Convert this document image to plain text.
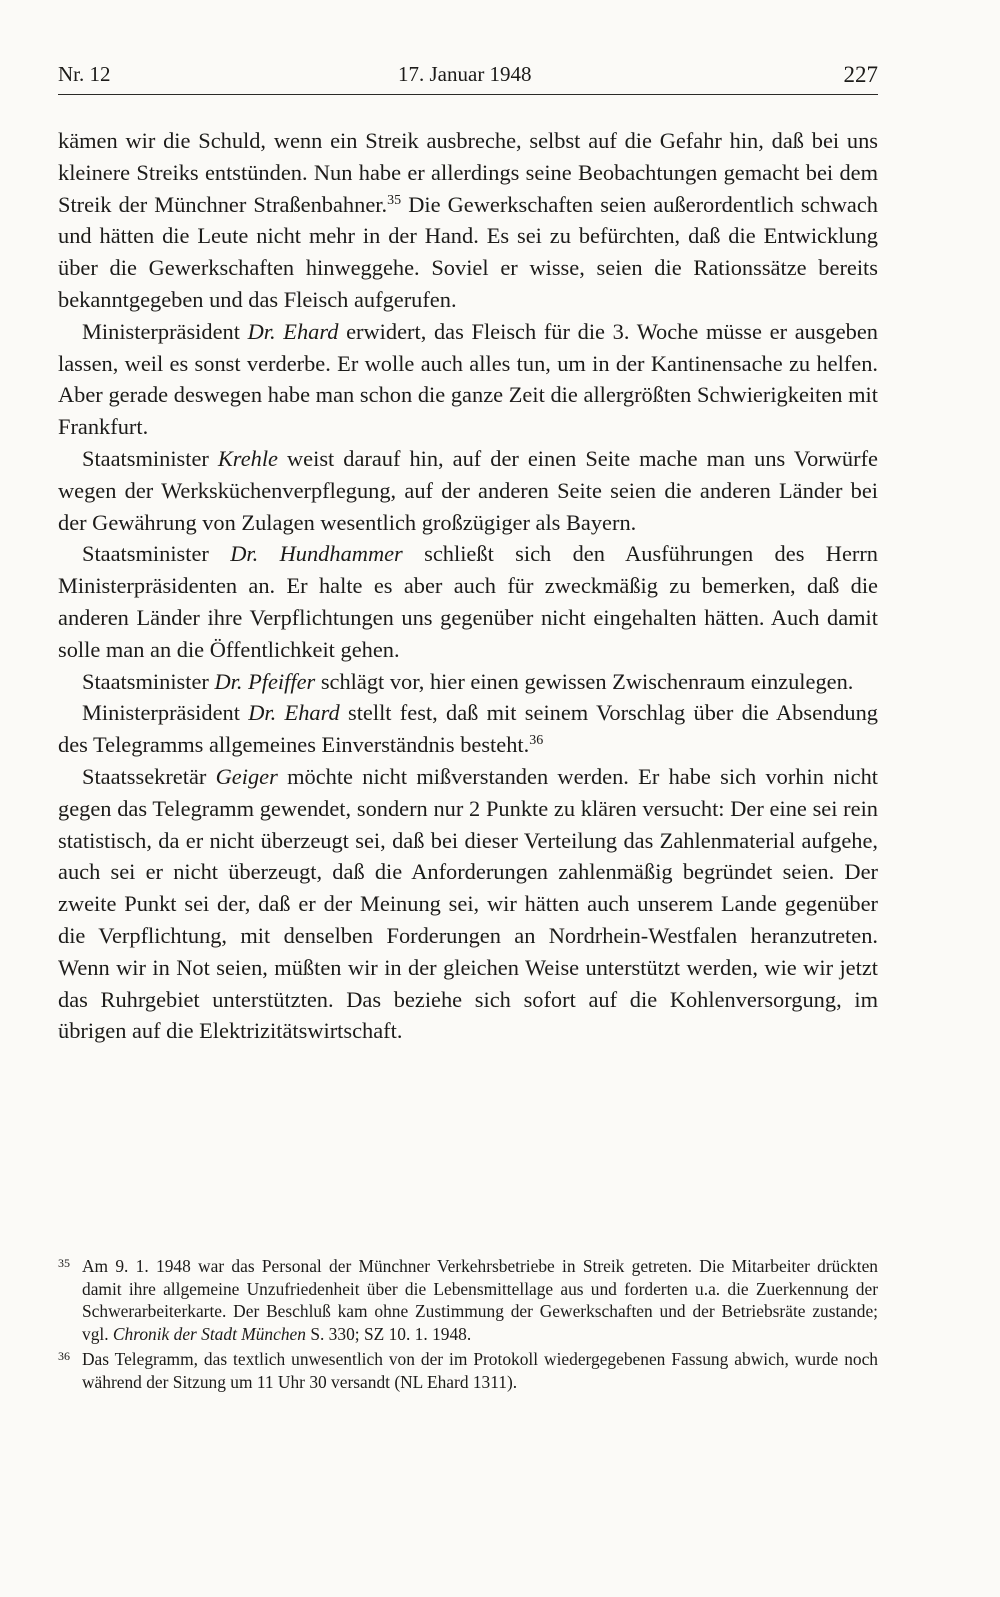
Nr. 12	17. Januar 1948	227

kämen wir die Schuld, wenn ein Streik ausbreche, selbst auf die Gefahr hin, daß bei uns kleinere Streiks entstünden. Nun habe er allerdings seine Beobachtungen gemacht bei dem Streik der Münchner Straßenbahner.$^{35}$ Die Gewerkschaften seien außerordentlich schwach und hätten die Leute nicht mehr in der Hand. Es sei zu befürchten, daß die Entwicklung über die Gewerkschaften hinweggehe. Soviel er wisse, seien die Rationssätze bereits bekanntgegeben und das Fleisch aufgerufen.

Ministerpräsident Dr. Ehard erwidert, das Fleisch für die 3. Woche müsse er ausgeben lassen, weil es sonst verderbe. Er wolle auch alles tun, um in der Kantinensache zu helfen. Aber gerade deswegen habe man schon die ganze Zeit die allergrößten Schwierigkeiten mit Frankfurt.

Staatsminister Krehle weist darauf hin, auf der einen Seite mache man uns Vorwürfe wegen der Werksküchenverpflegung, auf der anderen Seite seien die anderen Länder bei der Gewährung von Zulagen wesentlich großzügiger als Bayern.

Staatsminister Dr. Hundhammer schließt sich den Ausführungen des Herrn Ministerpräsidenten an. Er halte es aber auch für zweckmäßig zu bemerken, daß die anderen Länder ihre Verpflichtungen uns gegenüber nicht eingehalten hätten. Auch damit solle man an die Öffentlichkeit gehen.

Staatsminister Dr. Pfeiffer schlägt vor, hier einen gewissen Zwischenraum einzulegen.

Ministerpräsident Dr. Ehard stellt fest, daß mit seinem Vorschlag über die Absendung des Telegramms allgemeines Einverständnis besteht.$^{36}$

Staatssekretär Geiger möchte nicht mißverstanden werden. Er habe sich vorhin nicht gegen das Telegramm gewendet, sondern nur 2 Punkte zu klären versucht: Der eine sei rein statistisch, da er nicht überzeugt sei, daß bei dieser Verteilung das Zahlenmaterial aufgehe, auch sei er nicht überzeugt, daß die Anforderungen zahlenmäßig begründet seien. Der zweite Punkt sei der, daß er der Meinung sei, wir hätten auch unserem Lande gegenüber die Verpflichtung, mit denselben Forderungen an Nordrhein-Westfalen heranzutreten. Wenn wir in Not seien, müßten wir in der gleichen Weise unterstützt werden, wie wir jetzt das Ruhrgebiet unterstützten. Das beziehe sich sofort auf die Kohlenversorgung, im übrigen auf die Elektrizitätswirtschaft.

35 Am 9. 1. 1948 war das Personal der Münchner Verkehrsbetriebe in Streik getreten. Die Mitarbeiter drückten damit ihre allgemeine Unzufriedenheit über die Lebensmittellage aus und forderten u.a. die Zuerkennung der Schwerarbeiterkarte. Der Beschluß kam ohne Zustimmung der Gewerkschaften und der Betriebsräte zustande; vgl. Chronik der Stadt München S. 330; SZ 10. 1. 1948.
36 Das Telegramm, das textlich unwesentlich von der im Protokoll wiedergegebenen Fassung abwich, wurde noch während der Sitzung um 11 Uhr 30 versandt (NL Ehard 1311).
